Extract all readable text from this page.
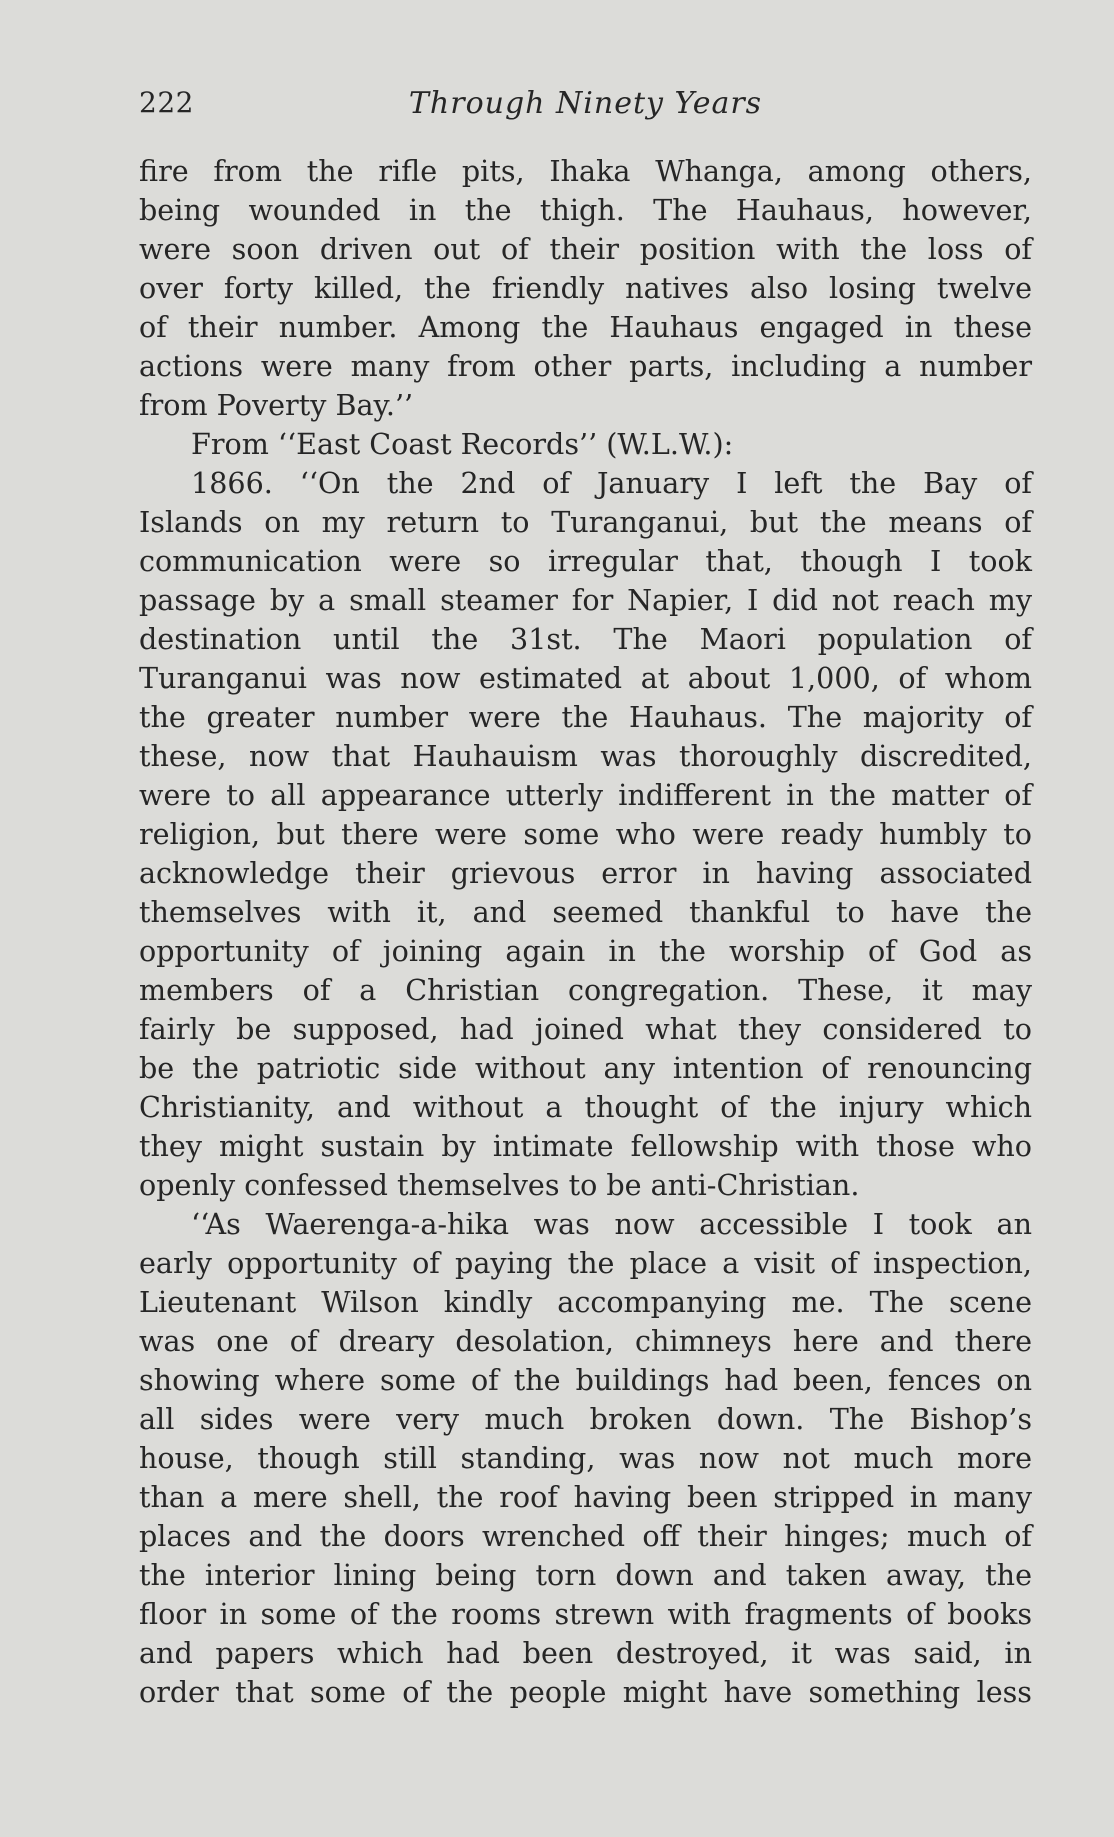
222	Through Ninety Years
fire from the rifle pits, Ihaka Whanga, among others,
being wounded in the thigh. The Hauhaus, however,
were soon driven out of their position with the loss of
over forty killed, the friendly natives also losing twelve
of their number. Among the Hauhaus engaged in these
actions were many from other parts, including a number
from Poverty Bay.’’
From ‘‘East Coast Records’’ (W.L.W.):
1866. ‘‘On the 2nd of January I left the Bay of
Islands on my return to Turanganui, but the means of
communication were so irregular that, though I took
passage by a small steamer for Napier, I did not reach my
destination until the 31st. The Maori population of
Turanganui was now estimated at about 1,000, of whom
the greater number were the Hauhaus. The majority of
these, now that Hauhauism was thoroughly discredited,
were to all appearance utterly indifferent in the matter of
religion, but there were some who were ready humbly to
acknowledge their grievous error in having associated
themselves with it, and seemed thankful to have the
opportunity of joining again in the worship of God as
members of a Christian congregation. These, it may
fairly be supposed, had joined what they considered to
be the patriotic side without any intention of renouncing
Christianity, and without a thought of the injury which
they might sustain by intimate fellowship with those who
openly confessed themselves to be anti-Christian.
‘‘As Waerenga-a-hika was now accessible I took an
early opportunity of paying the place a visit of inspection,
Lieutenant Wilson kindly accompanying me. The scene
was one of dreary desolation, chimneys here and there
showing where some of the buildings had been, fences on
all sides were very much broken down. The Bishop’s
house, though still standing, was now not much more
than a mere shell, the roof having been stripped in many
places and the doors wrenched off their hinges; much of
the interior lining being torn down and taken away, the
floor in some of the rooms strewn with fragments of books
and papers which had been destroyed, it was said, in
order that some of the people might have something less
